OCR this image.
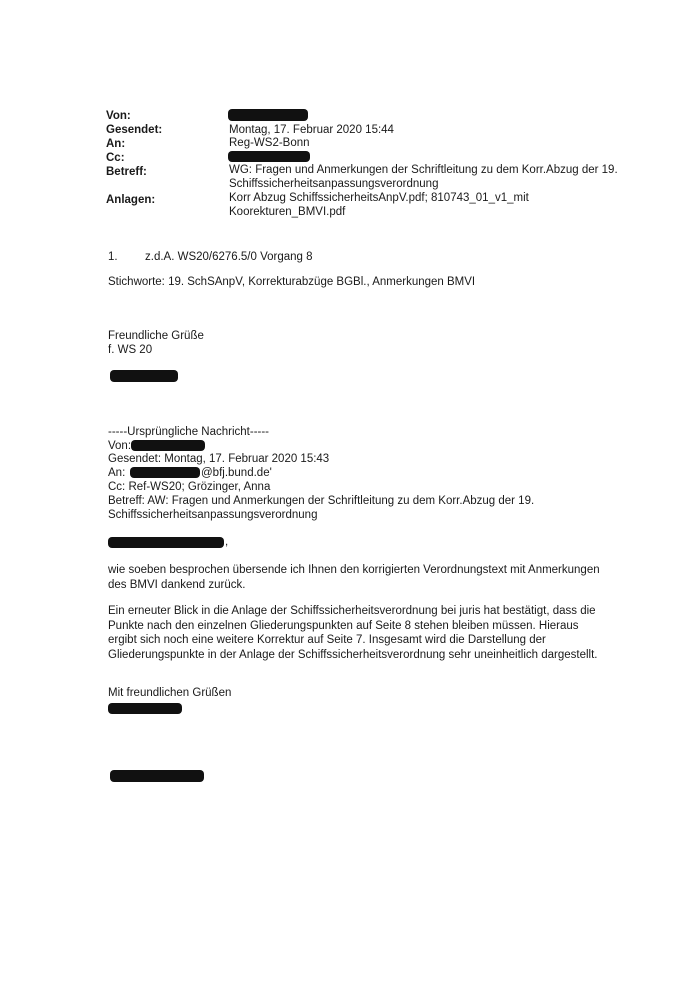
Von:
Gesendet:	Montag, 17. Februar 2020 15:44
An:	Reg-WS2-Bonn
Cc:
Betreff:	WG: Fragen und Anmerkungen der Schriftleitung zu dem Korr.Abzug der 19.
Schiffssicherheitsanpassungsverordnung
Anlagen:	Korr Abzug SchiffssicherheitsAnpV.pdf; 810743_01_v1_mit
Koorekturen_BMVI.pdf
1. z.d.A. WS20/6276.5/0 Vorgang 8
Stichworte: 19. SchSAnpV, Korrekturabzüge BGBl., Anmerkungen BMVI
Freundliche Grüße
f. WS 20
-----Ursprüngliche Nachricht-----
Von:
Gesendet: Montag, 17. Februar 2020 15:43
An:	@bfj.bund.de'
Cc: Ref-WS20; Grözinger, Anna
Betreff: AW: Fragen und Anmerkungen der Schriftleitung zu dem Korr.Abzug der 19.
Schiffssicherheitsanpassungsverordnung
,
wie soeben besprochen übersende ich Ihnen den korrigierten Verordnungstext mit Anmerkungen des BMVI dankend zurück.
Ein erneuter Blick in die Anlage der Schiffssicherheitsverordnung bei juris hat bestätigt, dass die Punkte nach den einzelnen Gliederungspunkten auf Seite 8 stehen bleiben müssen. Hieraus ergibt sich noch eine weitere Korrektur auf Seite 7. Insgesamt wird die Darstellung der Gliederungspunkte in der Anlage der Schiffssicherheitsverordnung sehr uneinheitlich dargestellt.
Mit freundlichen Grüßen
